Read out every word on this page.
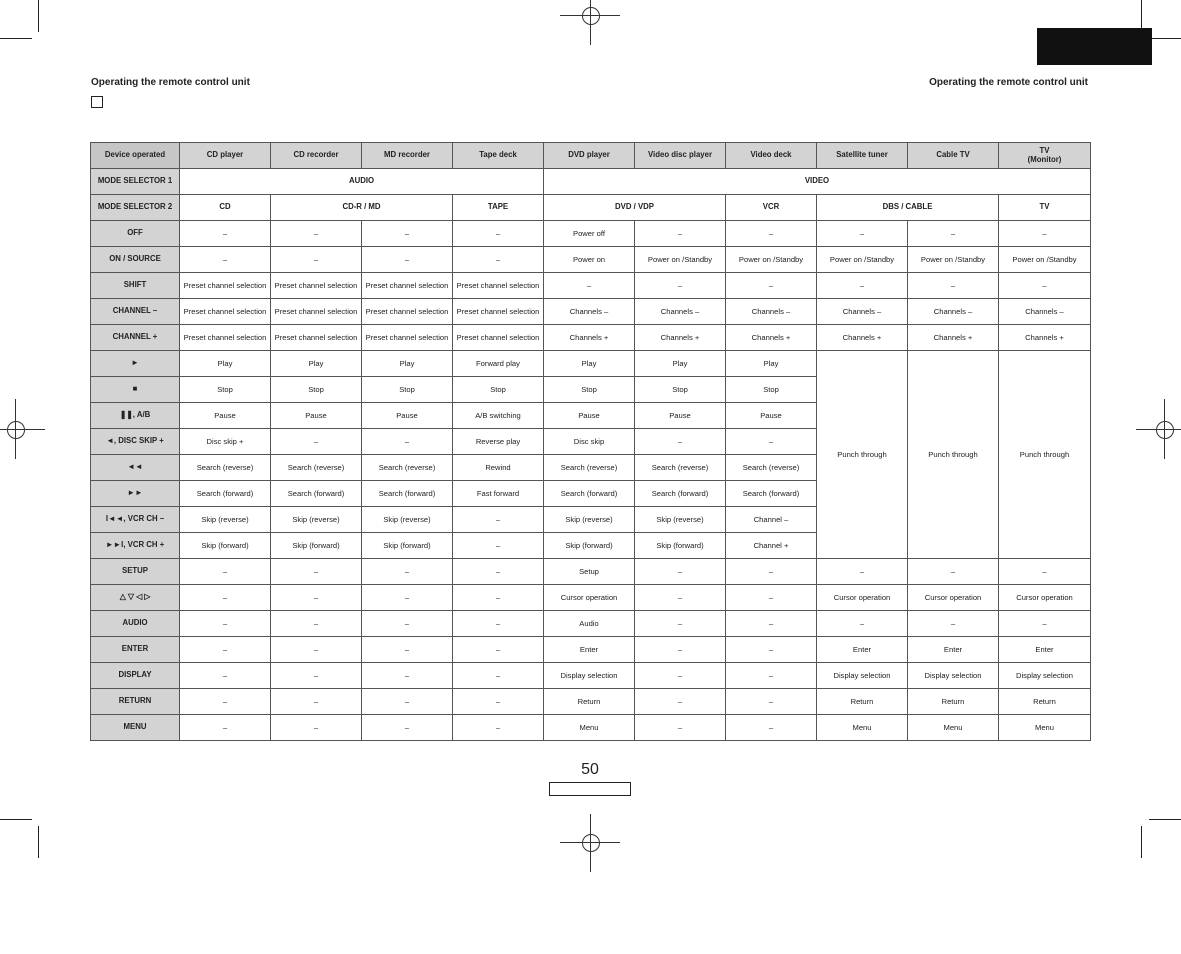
Operating the remote control unit	Operating the remote control unit
Device operated	CD player	CD recorder	MD recorder	Tape deck	DVD player	Video disc player	Video deck	Satellite tuner	Cable TV	TV
(Monitor)
MODE SELECTOR 1	AUDIO				VIDEO					
MODE SELECTOR 2	CD	CD-R / MD		TAPE	DVD / VDP		VCR	DBS / CABLE		TV
OFF	–	–	–	–	Power off	–	–	–	–	–
ON / SOURCE	–	–	–	–	Power on	Power on /Standby	Power on /Standby	Power on /Standby	Power on /Standby	Power on /Standby
SHIFT	Preset channel selection	Preset channel selection	Preset channel selection	Preset channel selection	–	–	–	–	–	–
CHANNEL –	Preset channel selection	Preset channel selection	Preset channel selection	Preset channel selection	Channels –	Channels –	Channels –	Channels –	Channels –	Channels –
CHANNEL +	Preset channel selection	Preset channel selection	Preset channel selection	Preset channel selection	Channels +	Channels +	Channels +	Channels +	Channels +	Channels +
►	Play	Play	Play	Forward play	Play	Play	Play	Punch through	Punch through	Punch through
■	Stop	Stop	Stop	Stop	Stop	Stop	Stop			
❚❚, A/B	Pause	Pause	Pause	A/B switching	Pause	Pause	Pause			
◄, DISC SKIP +	Disc skip +	–	–	Reverse play	Disc skip	–	–			
◄◄	Search (reverse)	Search (reverse)	Search (reverse)	Rewind	Search (reverse)	Search (reverse)	Search (reverse)			
►►	Search (forward)	Search (forward)	Search (forward)	Fast forward	Search (forward)	Search (forward)	Search (forward)			
I◄◄, VCR CH –	Skip (reverse)	Skip (reverse)	Skip (reverse)	–	Skip (reverse)	Skip (reverse)	Channel –			
►►I, VCR CH +	Skip (forward)	Skip (forward)	Skip (forward)	–	Skip (forward)	Skip (forward)	Channel +			
SETUP	–	–	–	–	Setup	–	–	–	–	–
△ ▽ ◁ ▷	–	–	–	–	Cursor operation	–	–	Cursor operation	Cursor operation	Cursor operation
AUDIO	–	–	–	–	Audio	–	–	–	–	–
ENTER	–	–	–	–	Enter	–	–	Enter	Enter	Enter
DISPLAY	–	–	–	–	Display selection	–	–	Display selection	Display selection	Display selection
RETURN	–	–	–	–	Return	–	–	Return	Return	Return
MENU	–	–	–	–	Menu	–	–	Menu	Menu	Menu
50
